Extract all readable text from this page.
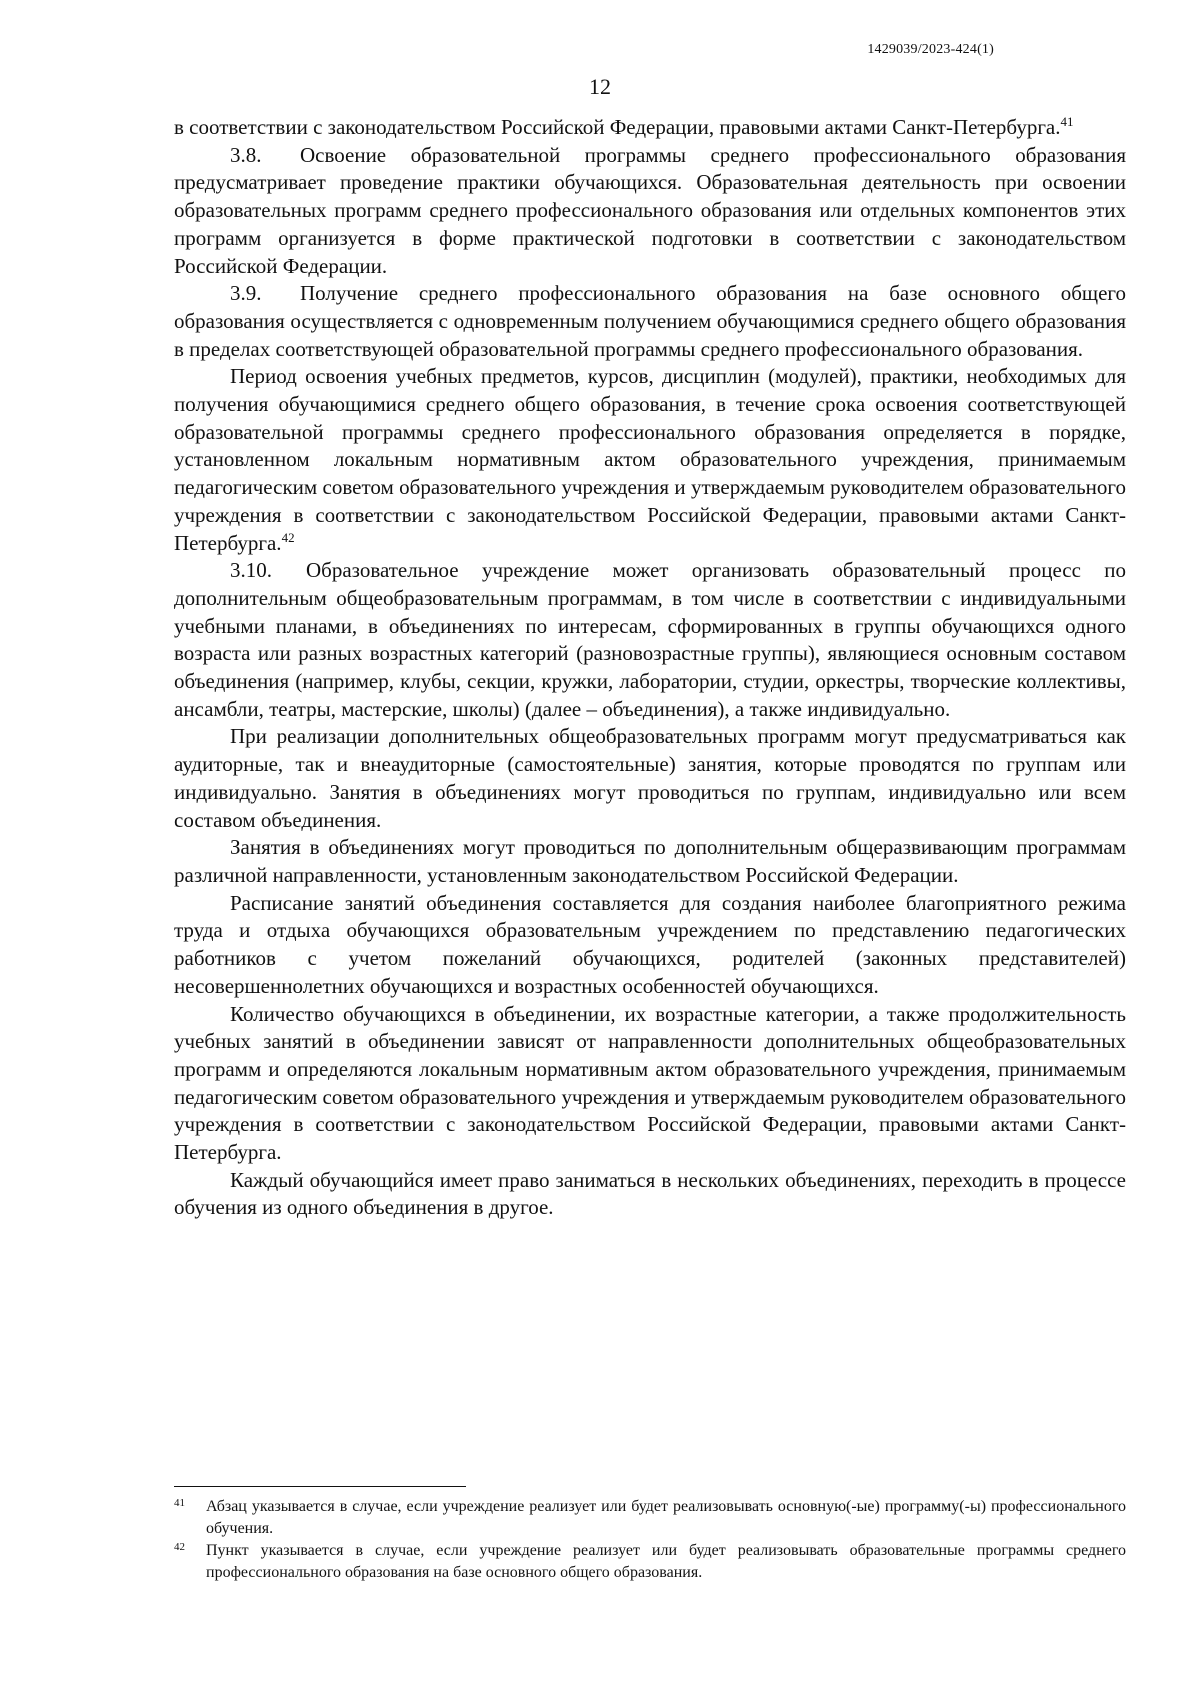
1429039/2023-424(1)
12

в соответствии с законодательством Российской Федерации, правовыми актами Санкт-Петербурга.$^{41}$

3.8. Освоение образовательной программы среднего профессионального образования предусматривает проведение практики обучающихся. Образовательная деятельность при освоении образовательных программ среднего профессионального образования или отдельных компонентов этих программ организуется в форме практической подготовки в соответствии с законодательством Российской Федерации.

3.9. Получение среднего профессионального образования на базе основного общего образования осуществляется с одновременным получением обучающимися среднего общего образования в пределах соответствующей образовательной программы среднего профессионального образования.

Период освоения учебных предметов, курсов, дисциплин (модулей), практики, необходимых для получения обучающимися среднего общего образования, в течение срока освоения соответствующей образовательной программы среднего профессионального образования определяется в порядке, установленном локальным нормативным актом образовательного учреждения, принимаемым педагогическим советом образовательного учреждения и утверждаемым руководителем образовательного учреждения в соответствии с законодательством Российской Федерации, правовыми актами Санкт-Петербурга.$^{42}$

3.10. Образовательное учреждение может организовать образовательный процесс по дополнительным общеобразовательным программам, в том числе в соответствии с индивидуальными учебными планами, в объединениях по интересам, сформированных в группы обучающихся одного возраста или разных возрастных категорий (разновозрастные группы), являющиеся основным составом объединения (например, клубы, секции, кружки, лаборатории, студии, оркестры, творческие коллективы, ансамбли, театры, мастерские, школы) (далее – объединения), а также индивидуально.

При реализации дополнительных общеобразовательных программ могут предусматриваться как аудиторные, так и внеаудиторные (самостоятельные) занятия, которые проводятся по группам или индивидуально. Занятия в объединениях могут проводиться по группам, индивидуально или всем составом объединения.

Занятия в объединениях могут проводиться по дополнительным общеразвивающим программам различной направленности, установленным законодательством Российской Федерации.

Расписание занятий объединения составляется для создания наиболее благоприятного режима труда и отдыха обучающихся образовательным учреждением по представлению педагогических работников с учетом пожеланий обучающихся, родителей (законных представителей) несовершеннолетних обучающихся и возрастных особенностей обучающихся.

Количество обучающихся в объединении, их возрастные категории, а также продолжительность учебных занятий в объединении зависят от направленности дополнительных общеобразовательных программ и определяются локальным нормативным актом образовательного учреждения, принимаемым педагогическим советом образовательного учреждения и утверждаемым руководителем образовательного учреждения в соответствии с законодательством Российской Федерации, правовыми актами Санкт-Петербурга.

Каждый обучающийся имеет право заниматься в нескольких объединениях, переходить в процессе обучения из одного объединения в другое.

41 Абзац указывается в случае, если учреждение реализует или будет реализовывать основную(-ые) программу(-ы) профессионального обучения.
42 Пункт указывается в случае, если учреждение реализует или будет реализовывать образовательные программы среднего профессионального образования на базе основного общего образования.
